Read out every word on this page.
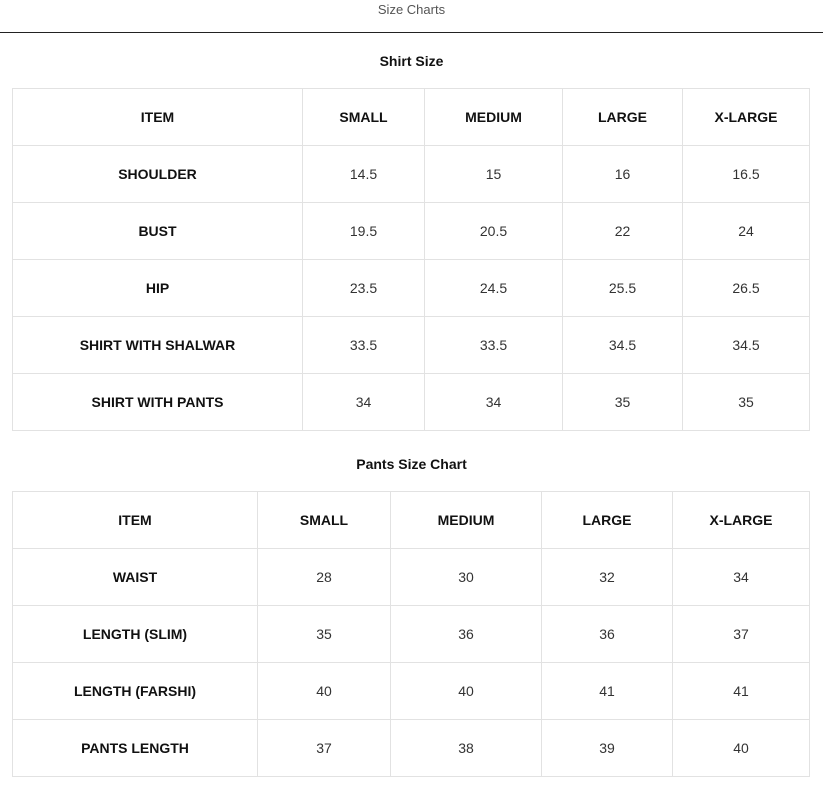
Size Charts
Shirt Size
ITEM	SMALL	MEDIUM	LARGE	X-LARGE
SHOULDER	14.5	15	16	16.5
BUST	19.5	20.5	22	24
HIP	23.5	24.5	25.5	26.5
SHIRT WITH SHALWAR	33.5	33.5	34.5	34.5
SHIRT WITH PANTS	34	34	35	35
Pants Size Chart
ITEM	SMALL	MEDIUM	LARGE	X-LARGE
WAIST	28	30	32	34
LENGTH (SLIM)	35	36	36	37
LENGTH (FARSHI)	40	40	41	41
PANTS LENGTH	37	38	39	40
